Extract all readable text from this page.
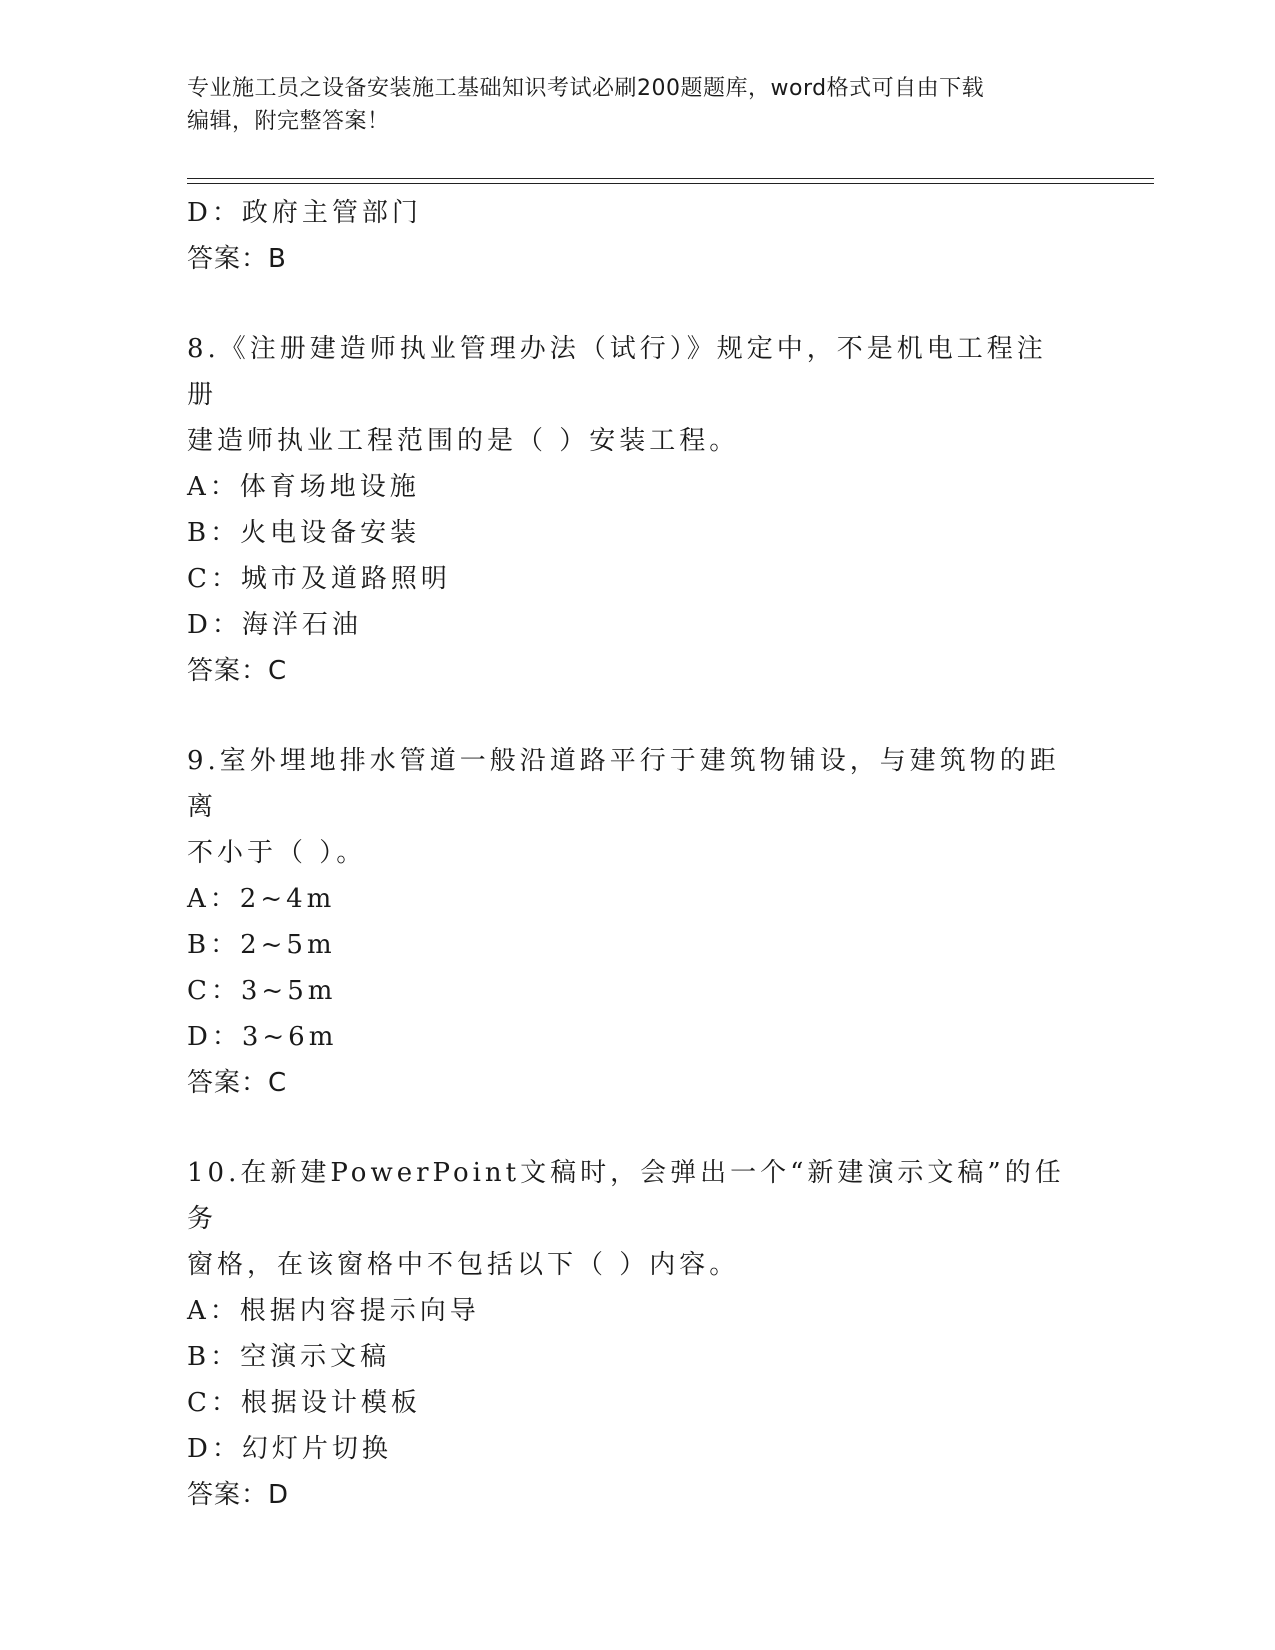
专业施工员之设备安装施工基础知识考试必刷200题题库，word格式可自由下载
编辑，附完整答案！
D：政府主管部门
答案：B
8.《注册建造师执业管理办法（试行）》规定中，不是机电工程注册
建造师执业工程范围的是（ ）安装工程。
A：体育场地设施
B：火电设备安装
C：城市及道路照明
D：海洋石油
答案：C
9.室外埋地排水管道一般沿道路平行于建筑物铺设，与建筑物的距离
不小于（ ）。
A：2~4m
B：2~5m
C：3~5m
D：3~6m
答案：C
10.在新建PowerPoint文稿时，会弹出一个“新建演示文稿”的任务
窗格，在该窗格中不包括以下（ ）内容。
A：根据内容提示向导
B：空演示文稿
C：根据设计模板
D：幻灯片切换
答案：D
